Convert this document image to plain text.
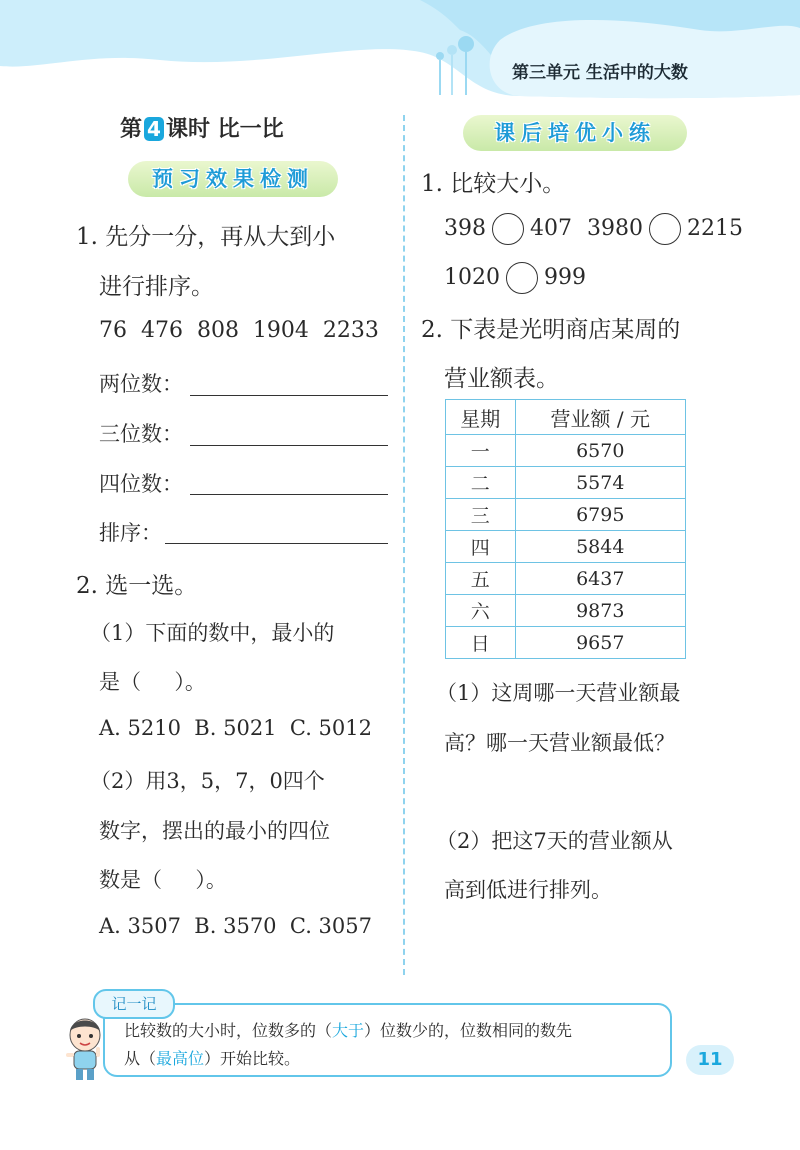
第三单元 生活中的大数
第 4 课时 比一比
预习效果检测
1. 先分一分，再从大到小
进行排序。
76  476  808  1904  2233
两位数：
三位数：
四位数：
排序：
2. 选一选。
（1）下面的数中，最小的
是（     ）。
A. 5210  B. 5021  C. 5012
（2）用3，5，7，0四个
数字，摆出的最小的四位
数是（     ）。
A. 3507  B. 3570  C. 3057
课后培优小练
1. 比较大小。
398 407 3980 2215
1020 999
2. 下表是光明商店某周的
营业额表。
星期	营业额 / 元
一	6570
二	5574
三	6795
四	5844
五	6437
六	9873
日	9657
（1）这周哪一天营业额最
高？哪一天营业额最低？
（2）把这7天的营业额从
高到低进行排列。
记一记
比较数的大小时，位数多的（大于）位数少的，位数相同的数先
从（最高位）开始比较。	11
